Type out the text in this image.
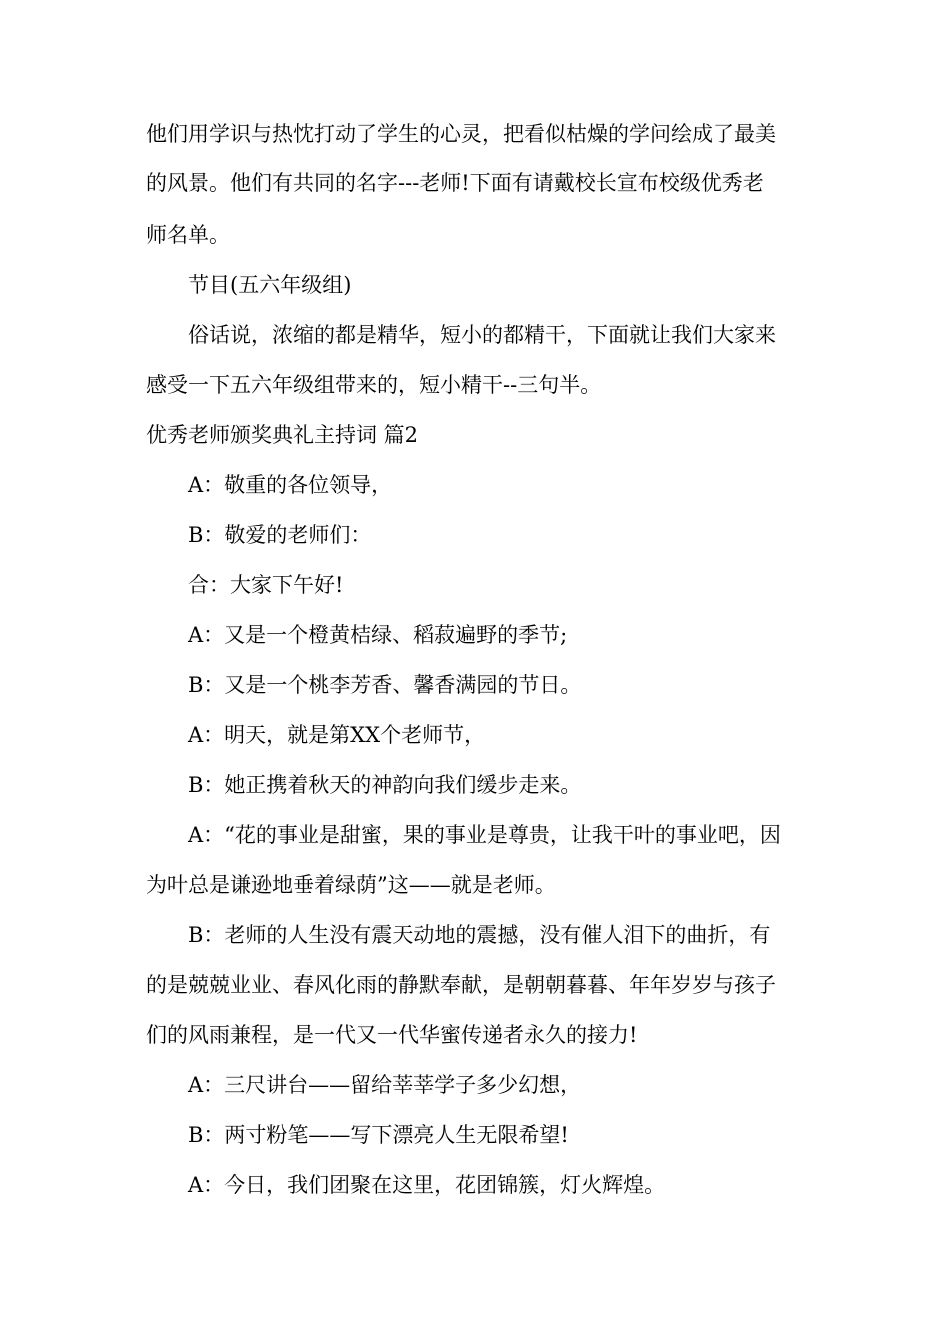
他们用学识与热忱打动了学生的心灵，把看似枯燥的学问绘成了最美
的风景。他们有共同的名字---老师!下面有请戴校长宣布校级优秀老
师名单。
节目(五六年级组)
俗话说，浓缩的都是精华，短小的都精干，下面就让我们大家来
感受一下五六年级组带来的，短小精干--三句半。
优秀老师颁奖典礼主持词 篇2
A：敬重的各位领导，
B：敬爱的老师们：
合：大家下午好!
A：又是一个橙黄桔绿、稻菽遍野的季节;
B：又是一个桃李芳香、馨香满园的节日。
A：明天，就是第XX个老师节，
B：她正携着秋天的神韵向我们缓步走来。
A：“花的事业是甜蜜，果的事业是尊贵，让我干叶的事业吧，因
为叶总是谦逊地垂着绿荫”这——就是老师。
B：老师的人生没有震天动地的震撼，没有催人泪下的曲折，有
的是兢兢业业、春风化雨的静默奉献，是朝朝暮暮、年年岁岁与孩子
们的风雨兼程，是一代又一代华蜜传递者永久的接力!
A：三尺讲台——留给莘莘学子多少幻想，
B：两寸粉笔——写下漂亮人生无限希望!
A：今日，我们团聚在这里，花团锦簇，灯火辉煌。
